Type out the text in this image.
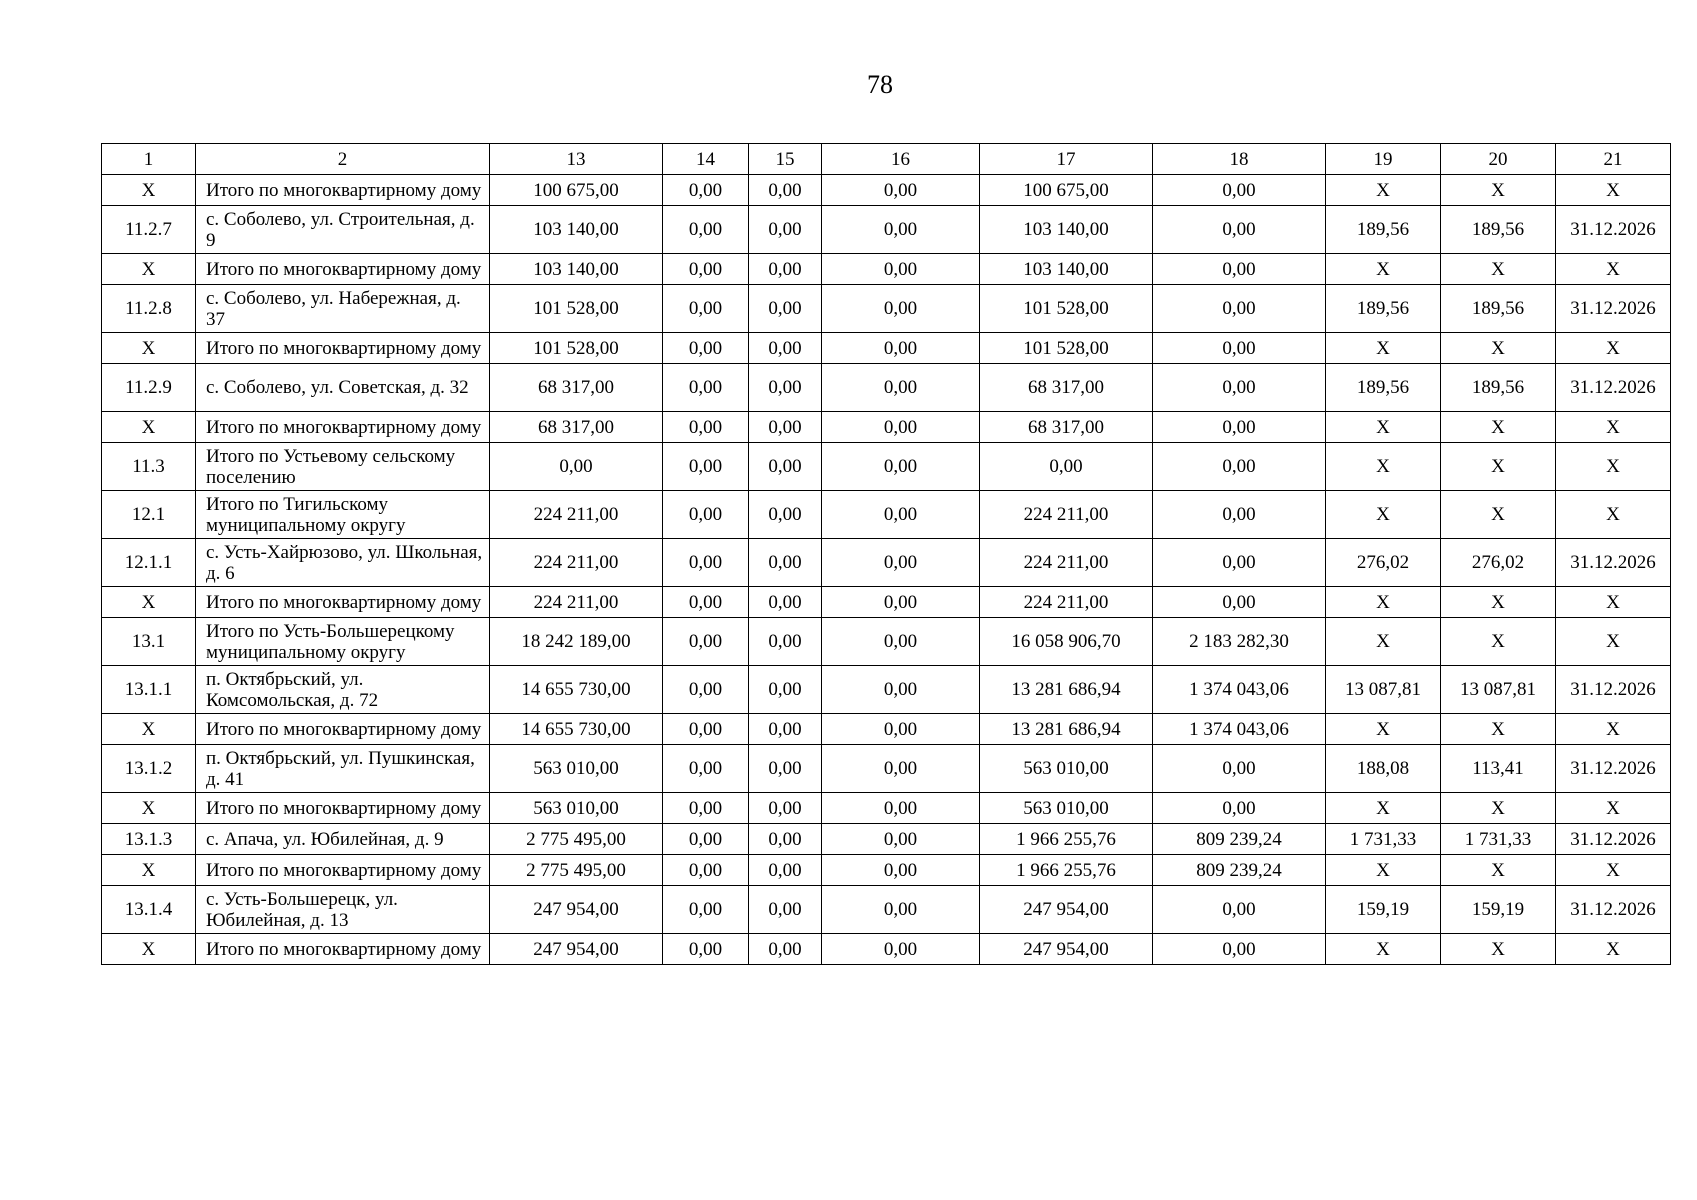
78
1	2	13	14	15	16	17	18	19	20	21
Х	Итого по многоквартирному дому	100 675,00	0,00	0,00	0,00	100 675,00	0,00	Х	Х	Х
11.2.7	с. Соболево, ул. Строительная, д. 9	103 140,00	0,00	0,00	0,00	103 140,00	0,00	189,56	189,56	31.12.2026
Х	Итого по многоквартирному дому	103 140,00	0,00	0,00	0,00	103 140,00	0,00	Х	Х	Х
11.2.8	с. Соболево, ул. Набережная, д. 37	101 528,00	0,00	0,00	0,00	101 528,00	0,00	189,56	189,56	31.12.2026
Х	Итого по многоквартирному дому	101 528,00	0,00	0,00	0,00	101 528,00	0,00	Х	Х	Х
11.2.9	с. Соболево, ул. Советская, д. 32	68 317,00	0,00	0,00	0,00	68 317,00	0,00	189,56	189,56	31.12.2026
Х	Итого по многоквартирному дому	68 317,00	0,00	0,00	0,00	68 317,00	0,00	Х	Х	Х
11.3	Итого по Устьевому сельскому поселению	0,00	0,00	0,00	0,00	0,00	0,00	Х	Х	Х
12.1	Итого по Тигильскому муниципальному округу	224 211,00	0,00	0,00	0,00	224 211,00	0,00	Х	Х	Х
12.1.1	с. Усть-Хайрюзово, ул. Школьная, д. 6	224 211,00	0,00	0,00	0,00	224 211,00	0,00	276,02	276,02	31.12.2026
Х	Итого по многоквартирному дому	224 211,00	0,00	0,00	0,00	224 211,00	0,00	Х	Х	Х
13.1	Итого по Усть-Большерецкому муниципальному округу	18 242 189,00	0,00	0,00	0,00	16 058 906,70	2 183 282,30	Х	Х	Х
13.1.1	п. Октябрьский, ул. Комсомольская, д. 72	14 655 730,00	0,00	0,00	0,00	13 281 686,94	1 374 043,06	13 087,81	13 087,81	31.12.2026
Х	Итого по многоквартирному дому	14 655 730,00	0,00	0,00	0,00	13 281 686,94	1 374 043,06	Х	Х	Х
13.1.2	п. Октябрьский, ул. Пушкинская, д. 41	563 010,00	0,00	0,00	0,00	563 010,00	0,00	188,08	113,41	31.12.2026
Х	Итого по многоквартирному дому	563 010,00	0,00	0,00	0,00	563 010,00	0,00	Х	Х	Х
13.1.3	с. Апача, ул. Юбилейная, д. 9	2 775 495,00	0,00	0,00	0,00	1 966 255,76	809 239,24	1 731,33	1 731,33	31.12.2026
Х	Итого по многоквартирному дому	2 775 495,00	0,00	0,00	0,00	1 966 255,76	809 239,24	Х	Х	Х
13.1.4	с. Усть-Большерецк, ул. Юбилейная, д. 13	247 954,00	0,00	0,00	0,00	247 954,00	0,00	159,19	159,19	31.12.2026
Х	Итого по многоквартирному дому	247 954,00	0,00	0,00	0,00	247 954,00	0,00	Х	Х	Х
